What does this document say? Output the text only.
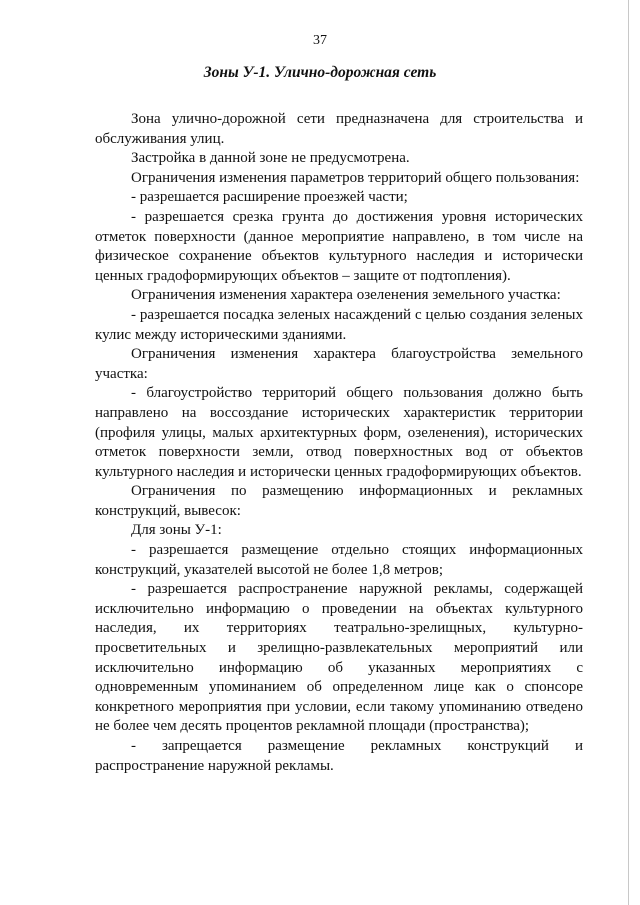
37
Зоны У-1. Улично-дорожная сеть

Зона улично-дорожной сети предназначена для строительства и обслуживания улиц.

Застройка в данной зоне не предусмотрена.

Ограничения изменения параметров территорий общего пользования:

- разрешается расширение проезжей части;

- разрешается срезка грунта до достижения уровня исторических отметок поверхности (данное мероприятие направлено, в том числе на физическое сохранение объектов культурного наследия и исторически ценных градоформирующих объектов – защите от подтопления).

Ограничения изменения характера озеленения земельного участка:

- разрешается посадка зеленых насаждений с целью создания зеленых кулис между историческими зданиями.

Ограничения изменения характера благоустройства земельного участка:

- благоустройство территорий общего пользования должно быть направлено на воссоздание исторических характеристик территории (профиля улицы, малых архитектурных форм, озеленения), исторических отметок поверхности земли, отвод поверхностных вод от объектов культурного наследия и исторически ценных градоформирующих объектов.

Ограничения по размещению информационных и рекламных конструкций, вывесок:

Для зоны У-1:

- разрешается размещение отдельно стоящих информационных конструкций, указателей высотой не более 1,8 метров;

- разрешается распространение наружной рекламы, содержащей исключительно информацию о проведении на объектах культурного наследия, их территориях театрально-зрелищных, культурно-просветительных и зрелищно-развлекательных мероприятий или исключительно информацию об указанных мероприятиях с одновременным упоминанием об определенном лице как о спонсоре конкретного мероприятия при условии, если такому упоминанию отведено не более чем десять процентов рекламной площади (пространства);

- запрещается размещение рекламных конструкций и распространение наружной рекламы.
